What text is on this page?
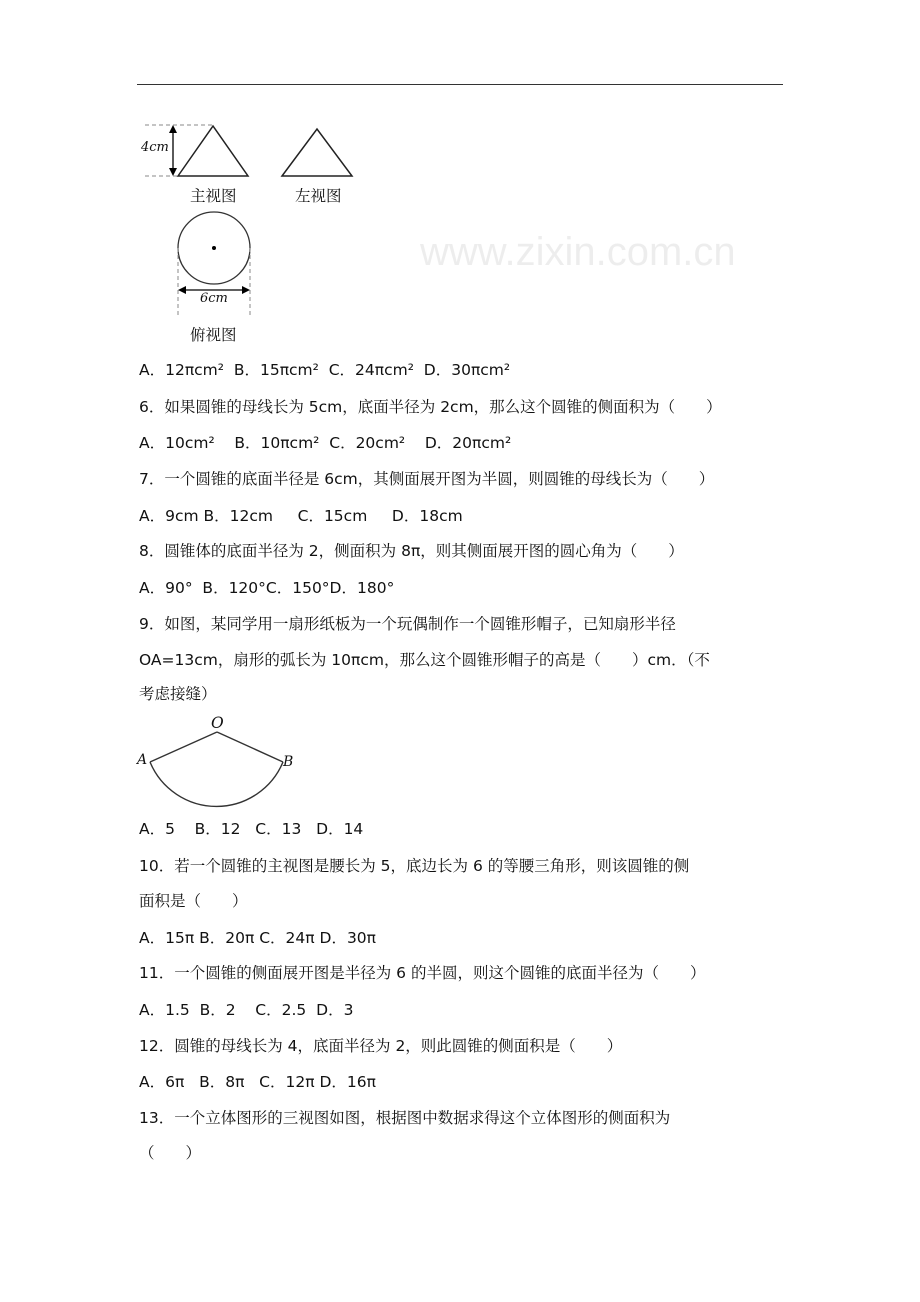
4cm
6cm
主视图	左视图
俯视图
www.zixin.com.cn
A．12πcm²  B．15πcm²  C．24πcm²  D．30πcm²
6．如果圆锥的母线长为 5cm，底面半径为 2cm，那么这个圆锥的侧面积为（　　）
A．10cm²    B．10πcm²  C．20cm²    D．20πcm²
7．一个圆锥的底面半径是 6cm，其侧面展开图为半圆，则圆锥的母线长为（　　）
A．9cm B．12cm     C．15cm     D．18cm
8．圆锥体的底面半径为 2，侧面积为 8π，则其侧面展开图的圆心角为（　　）
A．90°  B．120°C．150°D．180°
9．如图，某同学用一扇形纸板为一个玩偶制作一个圆锥形帽子，已知扇形半径
OA=13cm，扇形的弧长为 10πcm，那么这个圆锥形帽子的高是（　　）cm．（不
考虑接缝）
O
A	B
A．5    B．12   C．13   D．14
10．若一个圆锥的主视图是腰长为 5，底边长为 6 的等腰三角形，则该圆锥的侧
面积是（　　）
A．15π B．20π C．24π D．30π
11．一个圆锥的侧面展开图是半径为 6 的半圆，则这个圆锥的底面半径为（　　）
A．1.5  B．2    C．2.5  D．3
12．圆锥的母线长为 4，底面半径为 2，则此圆锥的侧面积是（　　）
A．6π   B．8π   C．12π D．16π
13．一个立体图形的三视图如图，根据图中数据求得这个立体图形的侧面积为
（　　）
